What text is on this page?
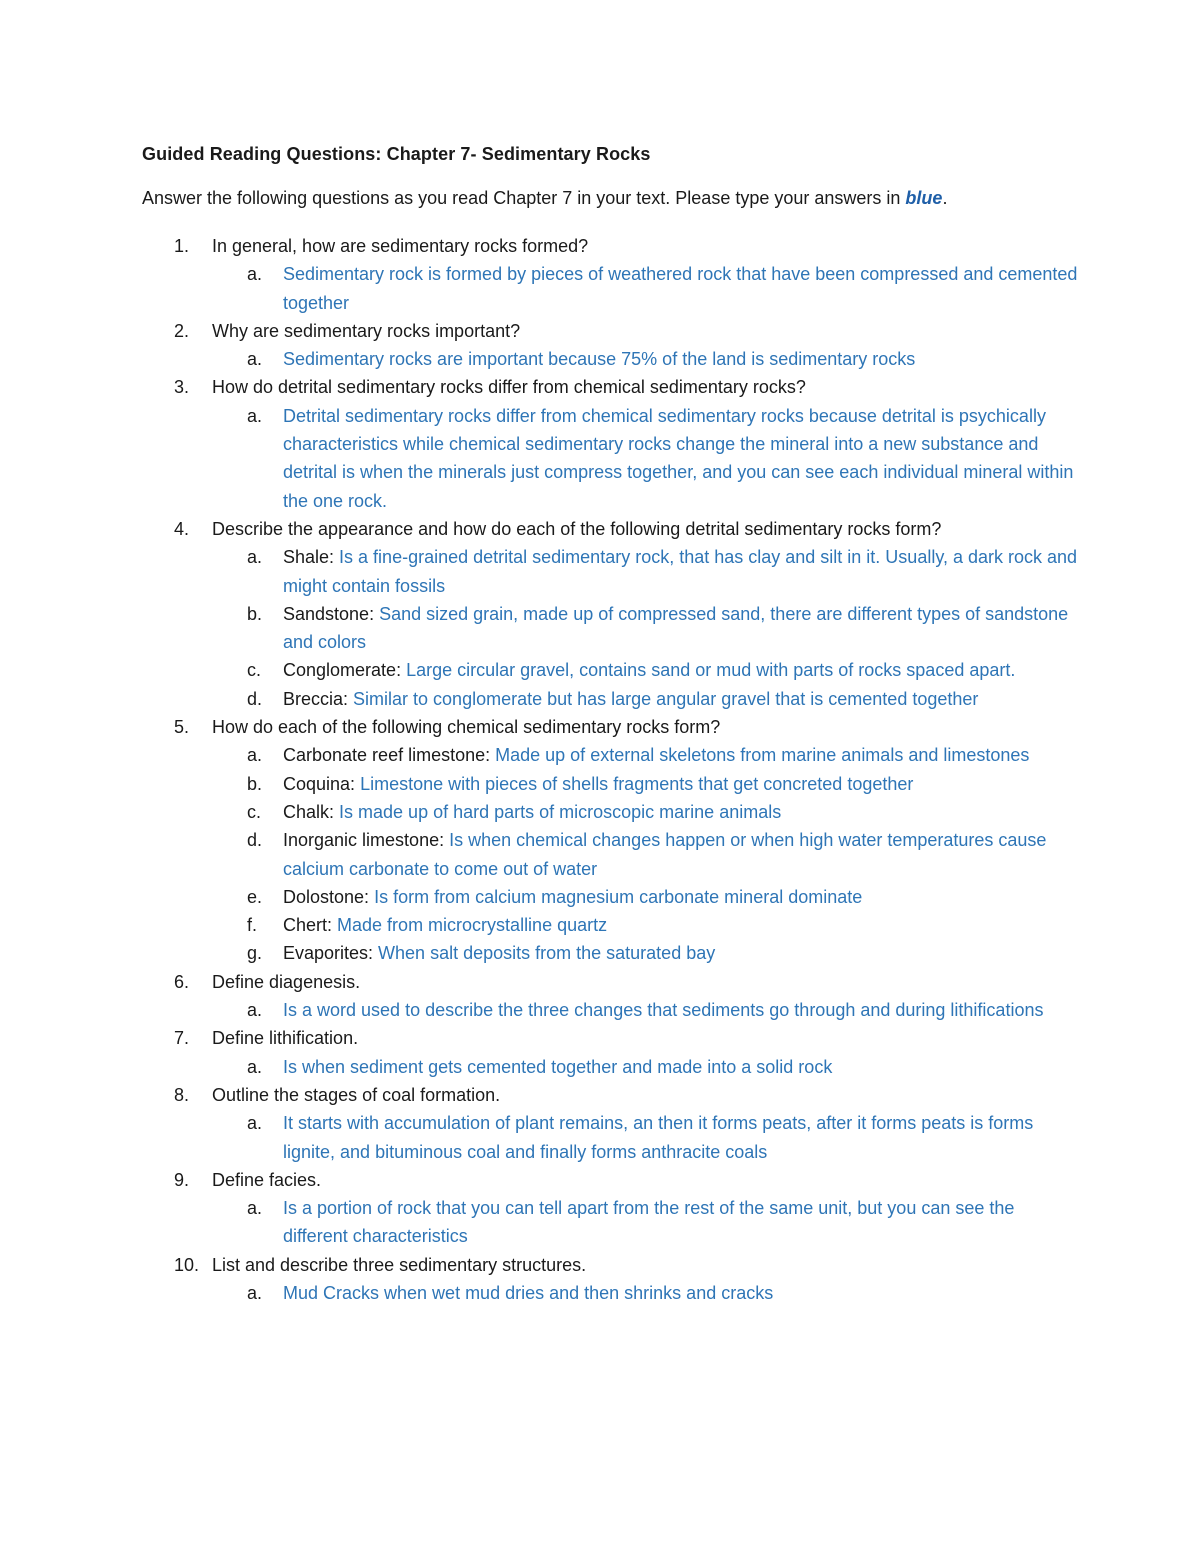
Guided Reading Questions: Chapter 7- Sedimentary Rocks
Answer the following questions as you read Chapter 7 in your text. Please type your answers in blue.
1.	In general, how are sedimentary rocks formed?
a. Sedimentary rock is formed by pieces of weathered rock that have been compressed and cemented together
2.	Why are sedimentary rocks important?
a. Sedimentary rocks are important because 75% of the land is sedimentary rocks
3.	How do detrital sedimentary rocks differ from chemical sedimentary rocks?
a. Detrital sedimentary rocks differ from chemical sedimentary rocks because detrital is psychically characteristics while chemical sedimentary rocks change the mineral into a new substance and detrital is when the minerals just compress together, and you can see each individual mineral within the one rock.
4.	Describe the appearance and how do each of the following detrital sedimentary rocks form?
a. Shale: Is a fine-grained detrital sedimentary rock, that has clay and silt in it. Usually, a dark rock and might contain fossils
b. Sandstone: Sand sized grain, made up of compressed sand, there are different types of sandstone and colors
c. Conglomerate: Large circular gravel, contains sand or mud with parts of rocks spaced apart.
d. Breccia: Similar to conglomerate but has large angular gravel that is cemented together
5.	How do each of the following chemical sedimentary rocks form?
a. Carbonate reef limestone: Made up of external skeletons from marine animals and limestones
b. Coquina: Limestone with pieces of shells fragments that get concreted together
c. Chalk: Is made up of hard parts of microscopic marine animals
d. Inorganic limestone: Is when chemical changes happen or when high water temperatures cause calcium carbonate to come out of water
e. Dolostone: Is form from calcium magnesium carbonate mineral dominate
f. Chert: Made from microcrystalline quartz
g. Evaporites: When salt deposits from the saturated bay
6.	Define diagenesis.
a. Is a word used to describe the three changes that sediments go through and during lithifications
7.	Define lithification.
a. Is when sediment gets cemented together and made into a solid rock
8.	Outline the stages of coal formation.
a. It starts with accumulation of plant remains, an then it forms peats, after it forms peats is forms lignite, and bituminous coal and finally forms anthracite coals
9.	Define facies.
a. Is a portion of rock that you can tell apart from the rest of the same unit, but you can see the different characteristics
10. List and describe three sedimentary structures.
a. Mud Cracks when wet mud dries and then shrinks and cracks
